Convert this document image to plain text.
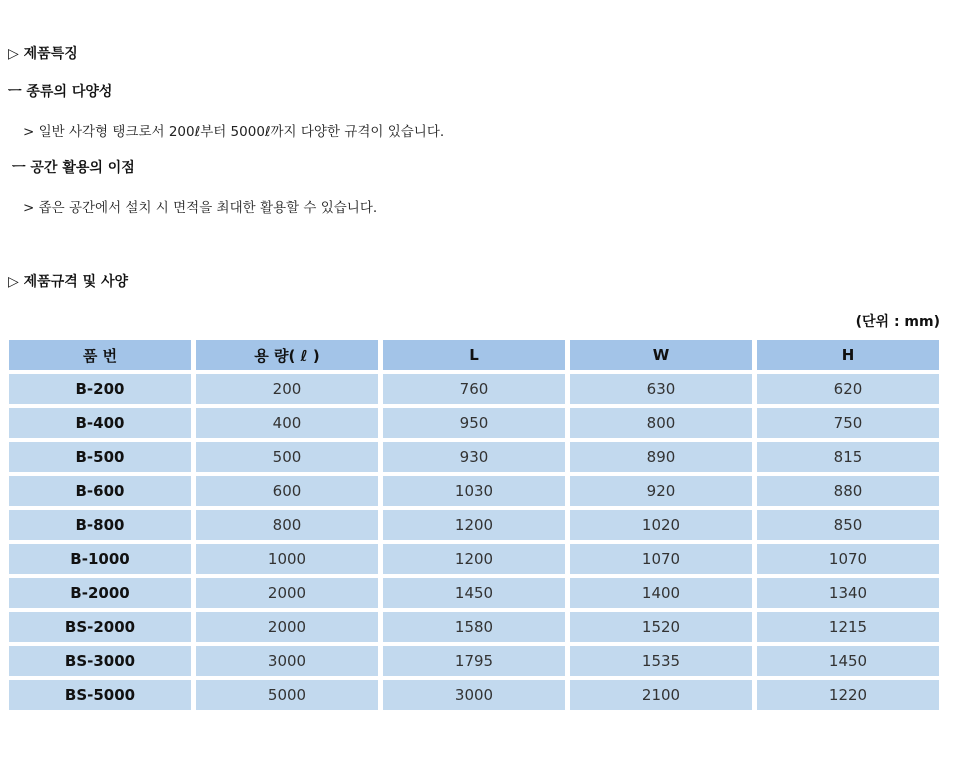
▷ 제품특징
ㅡ 종류의 다양성
> 일반 사각형 탱크로서 200ℓ부터 5000ℓ까지 다양한 규격이 있습니다.
ㅡ 공간 활용의 이점
> 좁은 공간에서 설치 시 면적을 최대한 활용할 수 있습니다.
▷ 제품규격 및 사양
(단위 : mm)
품 번	용 량( ℓ )	L	W	H
B-200	200	760	630	620
B-400	400	950	800	750
B-500	500	930	890	815
B-600	600	1030	920	880
B-800	800	1200	1020	850
B-1000	1000	1200	1070	1070
B-2000	2000	1450	1400	1340
BS-2000	2000	1580	1520	1215
BS-3000	3000	1795	1535	1450
BS-5000	5000	3000	2100	1220
